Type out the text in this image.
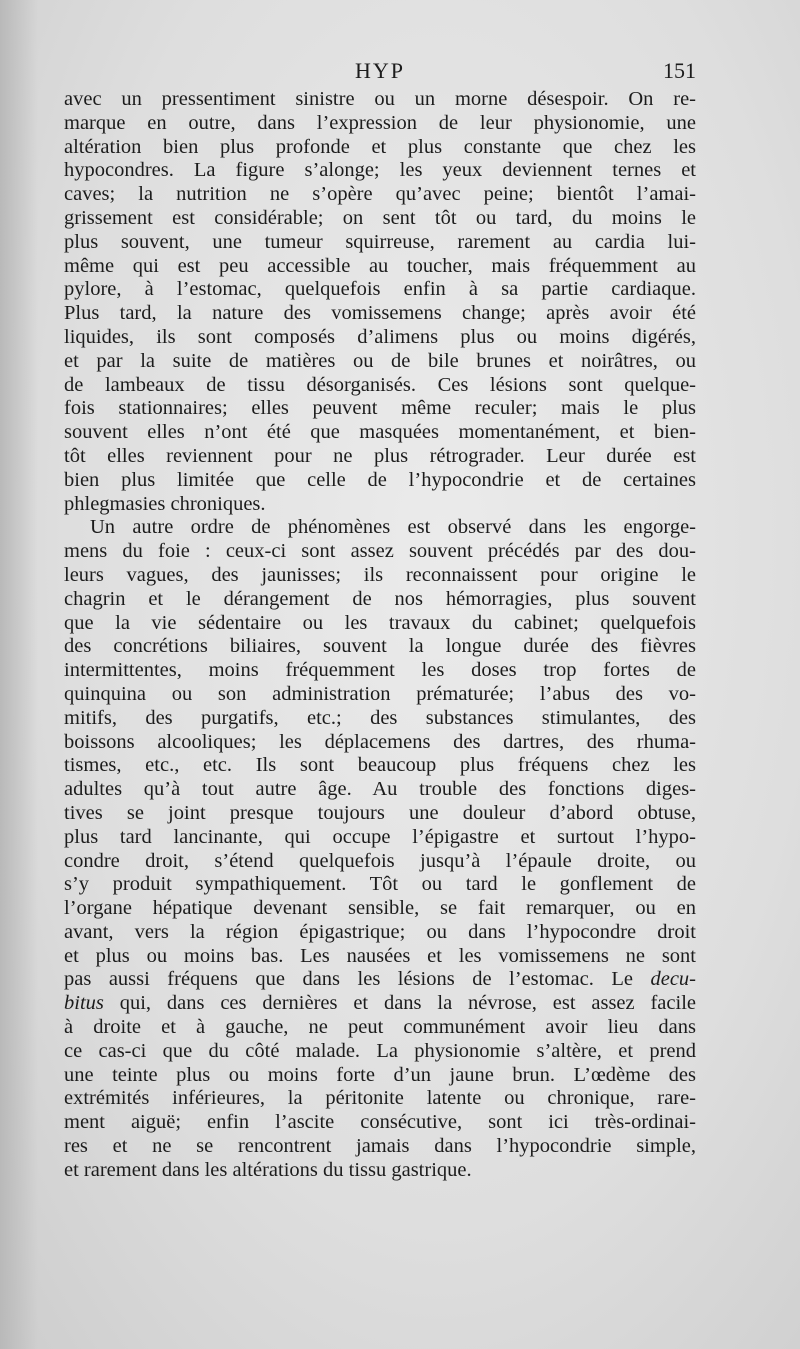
HYP	151
avec un pressentiment sinistre ou un morne désespoir. On re-
marque en outre, dans l’expression de leur physionomie, une
altération bien plus profonde et plus constante que chez les
hypocondres. La figure s’alonge; les yeux deviennent ternes et
caves; la nutrition ne s’opère qu’avec peine; bientôt l’amai-
grissement est considérable; on sent tôt ou tard, du moins le
plus souvent, une tumeur squirreuse, rarement au cardia lui-
même qui est peu accessible au toucher, mais fréquemment au
pylore, à l’estomac, quelquefois enfin à sa partie cardiaque.
Plus tard, la nature des vomissemens change; après avoir été
liquides, ils sont composés d’alimens plus ou moins digérés,
et par la suite de matières ou de bile brunes et noirâtres, ou
de lambeaux de tissu désorganisés. Ces lésions sont quelque-
fois stationnaires; elles peuvent même reculer; mais le plus
souvent elles n’ont été que masquées momentanément, et bien-
tôt elles reviennent pour ne plus rétrograder. Leur durée est
bien plus limitée que celle de l’hypocondrie et de certaines
phlegmasies chroniques.
Un autre ordre de phénomènes est observé dans les engorge-
mens du foie : ceux-ci sont assez souvent précédés par des dou-
leurs vagues, des jaunisses; ils reconnaissent pour origine le
chagrin et le dérangement de nos hémorragies, plus souvent
que la vie sédentaire ou les travaux du cabinet; quelquefois
des concrétions biliaires, souvent la longue durée des fièvres
intermittentes, moins fréquemment les doses trop fortes de
quinquina ou son administration prématurée; l’abus des vo-
mitifs, des purgatifs, etc.; des substances stimulantes, des
boissons alcooliques; les déplacemens des dartres, des rhuma-
tismes, etc., etc. Ils sont beaucoup plus fréquens chez les
adultes qu’à tout autre âge. Au trouble des fonctions diges-
tives se joint presque toujours une douleur d’abord obtuse,
plus tard lancinante, qui occupe l’épigastre et surtout l’hypo-
condre droit, s’étend quelquefois jusqu’à l’épaule droite, ou
s’y produit sympathiquement. Tôt ou tard le gonflement de
l’organe hépatique devenant sensible, se fait remarquer, ou en
avant, vers la région épigastrique; ou dans l’hypocondre droit
et plus ou moins bas. Les nausées et les vomissemens ne sont
pas aussi fréquens que dans les lésions de l’estomac. Le decu-
bitus qui, dans ces dernières et dans la névrose, est assez facile
à droite et à gauche, ne peut communément avoir lieu dans
ce cas-ci que du côté malade. La physionomie s’altère, et prend
une teinte plus ou moins forte d’un jaune brun. L’œdème des
extrémités inférieures, la péritonite latente ou chronique, rare-
ment aiguë; enfin l’ascite consécutive, sont ici très-ordinai-
res et ne se rencontrent jamais dans l’hypocondrie simple,
et rarement dans les altérations du tissu gastrique.
